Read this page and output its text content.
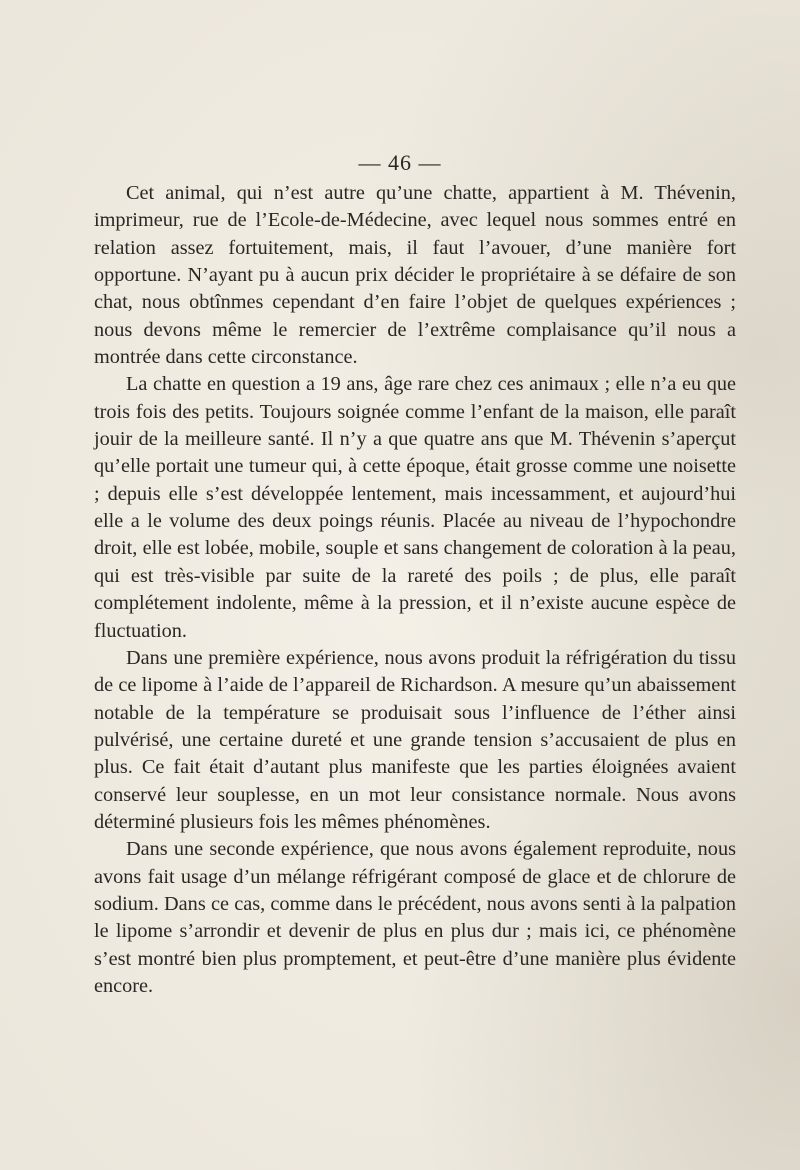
— 46 —

Cet animal, qui n’est autre qu’une chatte, appartient à M. Thévenin, imprimeur, rue de l’Ecole-de-Médecine, avec lequel nous sommes entré en relation assez fortuitement, mais, il faut l’avouer, d’une manière fort opportune. N’ayant pu à aucun prix décider le propriétaire à se défaire de son chat, nous obtînmes cependant d’en faire l’objet de quelques expériences ; nous devons même le remercier de l’extrême complaisance qu’il nous a montrée dans cette circonstance.

La chatte en question a 19 ans, âge rare chez ces animaux ; elle n’a eu que trois fois des petits. Toujours soignée comme l’enfant de la maison, elle paraît jouir de la meilleure santé. Il n’y a que quatre ans que M. Thévenin s’aperçut qu’elle portait une tumeur qui, à cette époque, était grosse comme une noisette ; depuis elle s’est développée lentement, mais incessamment, et aujourd’hui elle a le volume des deux poings réunis. Placée au niveau de l’hypochondre droit, elle est lobée, mobile, souple et sans changement de coloration à la peau, qui est très-visible par suite de la rareté des poils ; de plus, elle paraît complétement indolente, même à la pression, et il n’existe aucune espèce de fluctuation.

Dans une première expérience, nous avons produit la réfrigération du tissu de ce lipome à l’aide de l’appareil de Richardson. A mesure qu’un abaissement notable de la température se produisait sous l’influence de l’éther ainsi pulvérisé, une certaine dureté et une grande tension s’accusaient de plus en plus. Ce fait était d’autant plus manifeste que les parties éloignées avaient conservé leur souplesse, en un mot leur consistance normale. Nous avons déterminé plusieurs fois les mêmes phénomènes.

Dans une seconde expérience, que nous avons également reproduite, nous avons fait usage d’un mélange réfrigérant composé de glace et de chlorure de sodium. Dans ce cas, comme dans le précédent, nous avons senti à la palpation le lipome s’arrondir et devenir de plus en plus dur ; mais ici, ce phénomène s’est montré bien plus promptement, et peut-être d’une manière plus évidente encore.
